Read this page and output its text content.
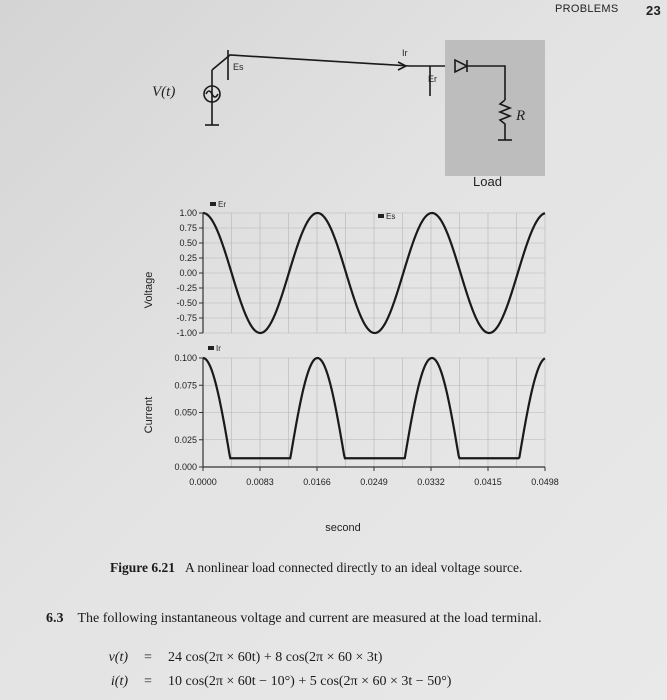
PROBLEMS 23
V(t)
Es
Ir
Er
R
Load
1.00
0.75
0.50
0.25
0.00
-0.25
-0.50
-0.75
-1.00
Er
Es
0.100
0.075
0.050
0.025
0.000
Ir
0.0000	0.0083	0.0166	0.0249	0.0332	0.0415	0.0498
Voltage
Current
second
Figure 6.21 A nonlinear load connected directly to an ideal voltage source.
6.3 The following instantaneous voltage and current are measured at the load terminal.
v(t) = 24 cos(2π × 60t) + 8 cos(2π × 60 × 3t)
i(t) = 10 cos(2π × 60t − 10°) + 5 cos(2π × 60 × 3t − 50°)
